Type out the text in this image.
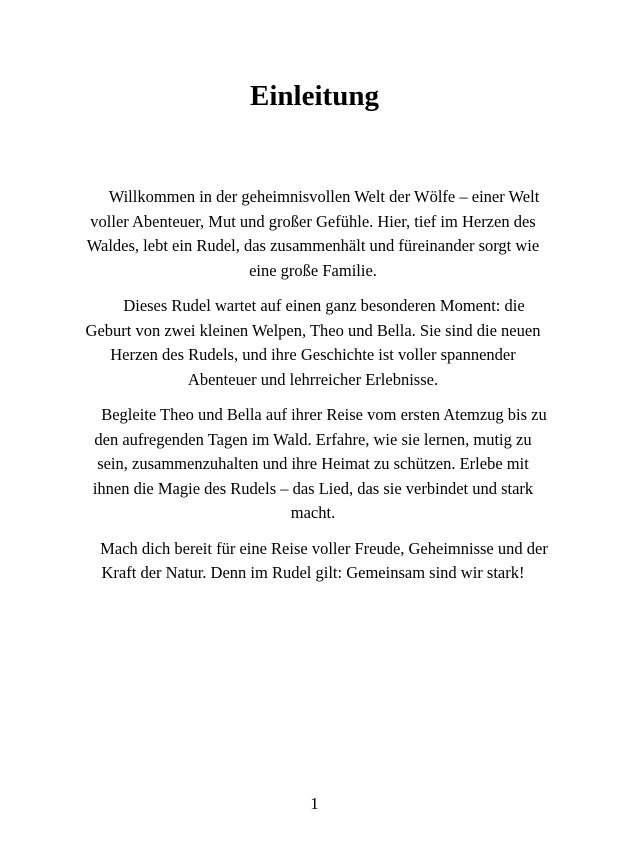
Einleitung

Willkommen in der geheimnisvollen Welt der Wölfe – einer Welt voller Abenteuer, Mut und großer Gefühle. Hier, tief im Herzen des Waldes, lebt ein Rudel, das zusammenhält und füreinander sorgt wie eine große Familie.

Dieses Rudel wartet auf einen ganz besonderen Moment: die Geburt von zwei kleinen Welpen, Theo und Bella. Sie sind die neuen Herzen des Rudels, und ihre Geschichte ist voller spannender Abenteuer und lehrreicher Erlebnisse.

Begleite Theo und Bella auf ihrer Reise vom ersten Atemzug bis zu den aufregenden Tagen im Wald. Erfahre, wie sie lernen, mutig zu sein, zusammenzuhalten und ihre Heimat zu schützen. Erlebe mit ihnen die Magie des Rudels – das Lied, das sie verbindet und stark macht.

Mach dich bereit für eine Reise voller Freude, Geheimnisse und der Kraft der Natur. Denn im Rudel gilt: Gemeinsam sind wir stark!

1
